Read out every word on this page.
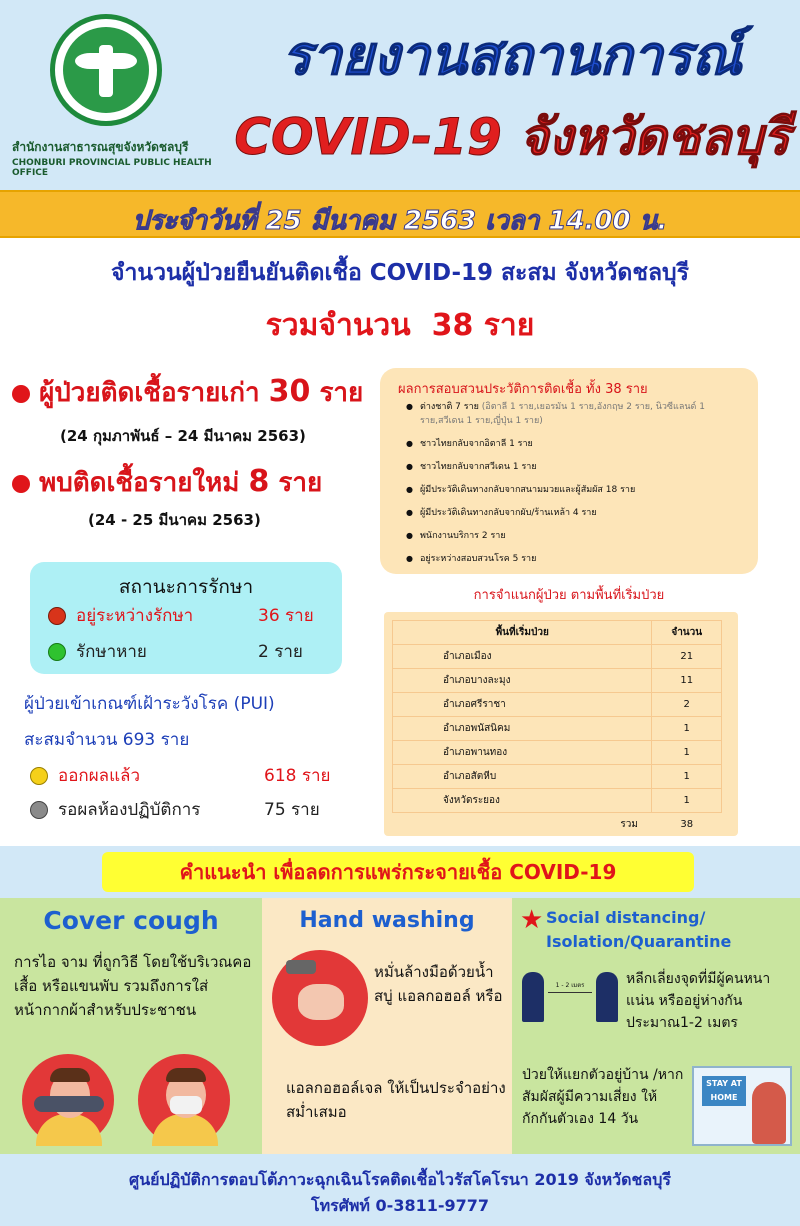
สำนักงานสาธารณสุขจังหวัดชลบุรี
CHONBURI PROVINCIAL PUBLIC HEALTH OFFICE
รายงานสถานการณ์
COVID-19 จังหวัดชลบุรี
ประจำวันที่ 25 มีนาคม 2563 เวลา 14.00 น.
จำนวนผู้ป่วยยืนยันติดเชื้อ COVID-19 สะสม จังหวัดชลบุรี
รวมจำนวน 38 ราย
ผู้ป่วยติดเชื้อรายเก่า 30 ราย
(24 กุมภาพันธ์ – 24 มีนาคม 2563)
พบติดเชื้อรายใหม่ 8 ราย
(24 - 25 มีนาคม 2563)
สถานะการรักษา
อยู่ระหว่างรักษา	36 ราย
รักษาหาย	2 ราย
ผู้ป่วยเข้าเกณฑ์เฝ้าระวังโรค (PUI)
สะสมจำนวน 693 ราย
ออกผลแล้ว	618 ราย
รอผลห้องปฏิบัติการ	75 ราย
ผลการสอบสวนประวัติการติดเชื้อ ทั้ง 38 ราย
● ต่างชาติ 7 ราย (อิตาลี 1 ราย,เยอรมัน 1 ราย,อังกฤษ 2 ราย, นิวซีแลนด์ 1 ราย,สวีเดน 1 ราย,ญี่ปุ่น 1 ราย)
● ชาวไทยกลับจากอิตาลี 1 ราย
● ชาวไทยกลับจากสวีเดน 1 ราย
● ผู้มีประวัติเดินทางกลับจากสนามมวยและผู้สัมผัส 18 ราย
● ผู้มีประวัติเดินทางกลับจากผับ/ร้านเหล้า 4 ราย
● พนักงานบริการ 2 ราย
● อยู่ระหว่างสอบสวนโรค 5 ราย
การจำแนกผู้ป่วย ตามพื้นที่เริ่มป่วย
พื้นที่เริ่มป่วย	จำนวน
อำเภอเมือง	21
อำเภอบางละมุง	11
อำเภอศรีราชา	2
อำเภอพนัสนิคม	1
อำเภอพานทอง	1
อำเภอสัตหีบ	1
จังหวัดระยอง	1
รวม	38
คำแนะนำ เพื่อลดการแพร่กระจายเชื้อ COVID-19
Cover cough
การไอ จาม ที่ถูกวิธี โดยใช้บริเวณคอเสื้อ หรือแขนพับ รวมถึงการใส่หน้ากากผ้าสำหรับประชาชน
Hand washing
หมั่นล้างมือด้วยน้ำสบู่ แอลกอฮอล์ หรือ
แอลกอฮอล์เจล ให้เป็นประจำอย่างสม่ำเสมอ
★ Social distancing/ Isolation/Quarantine
1 - 2 เมตร	หลีกเลี่ยงจุดที่มีผู้คนหนาแน่น หรืออยู่ห่างกันประมาณ1-2 เมตร
ป่วยให้แยกตัวอยู่บ้าน /หากสัมผัสผู้มีความเสี่ยง ให้กักกันตัวเอง 14 วัน
STAY AT HOME
ศูนย์ปฏิบัติการตอบโต้ภาวะฉุกเฉินโรคติดเชื้อไวรัสโคโรนา 2019 จังหวัดชลบุรี
โทรศัพท์ 0-3811-9777
